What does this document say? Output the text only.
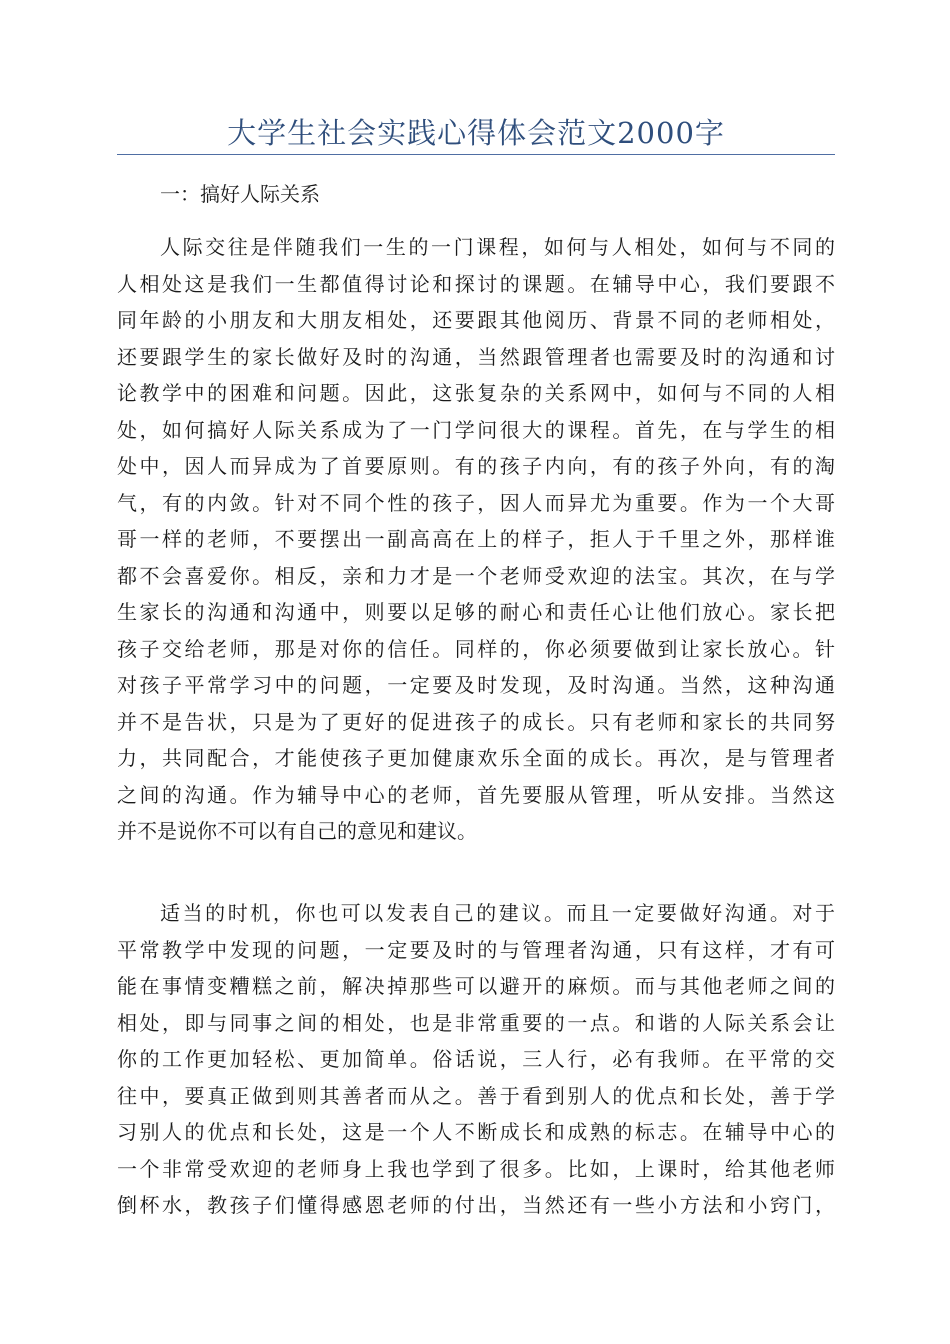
大学生社会实践心得体会范文2000字
一：搞好人际关系
人际交往是伴随我们一生的一门课程，如何与人相处，如何与不同的
人相处这是我们一生都值得讨论和探讨的课题。在辅导中心，我们要跟不
同年龄的小朋友和大朋友相处，还要跟其他阅历、背景不同的老师相处，
还要跟学生的家长做好及时的沟通，当然跟管理者也需要及时的沟通和讨
论教学中的困难和问题。因此，这张复杂的关系网中，如何与不同的人相
处，如何搞好人际关系成为了一门学问很大的课程。首先，在与学生的相
处中，因人而异成为了首要原则。有的孩子内向，有的孩子外向，有的淘
气，有的内敛。针对不同个性的孩子，因人而异尤为重要。作为一个大哥
哥一样的老师，不要摆出一副高高在上的样子，拒人于千里之外，那样谁
都不会喜爱你。相反，亲和力才是一个老师受欢迎的法宝。其次，在与学
生家长的沟通和沟通中，则要以足够的耐心和责任心让他们放心。家长把
孩子交给老师，那是对你的信任。同样的，你必须要做到让家长放心。针
对孩子平常学习中的问题，一定要及时发现，及时沟通。当然，这种沟通
并不是告状，只是为了更好的促进孩子的成长。只有老师和家长的共同努
力，共同配合，才能使孩子更加健康欢乐全面的成长。再次，是与管理者
之间的沟通。作为辅导中心的老师，首先要服从管理，听从安排。当然这
并不是说你不可以有自己的意见和建议。
适当的时机，你也可以发表自己的建议。而且一定要做好沟通。对于
平常教学中发现的问题，一定要及时的与管理者沟通，只有这样，才有可
能在事情变糟糕之前，解决掉那些可以避开的麻烦。而与其他老师之间的
相处，即与同事之间的相处，也是非常重要的一点。和谐的人际关系会让
你的工作更加轻松、更加简单。俗话说，三人行，必有我师。在平常的交
往中，要真正做到则其善者而从之。善于看到别人的优点和长处，善于学
习别人的优点和长处，这是一个人不断成长和成熟的标志。在辅导中心的
一个非常受欢迎的老师身上我也学到了很多。比如，上课时，给其他老师
倒杯水，教孩子们懂得感恩老师的付出，当然还有一些小方法和小窍门，
